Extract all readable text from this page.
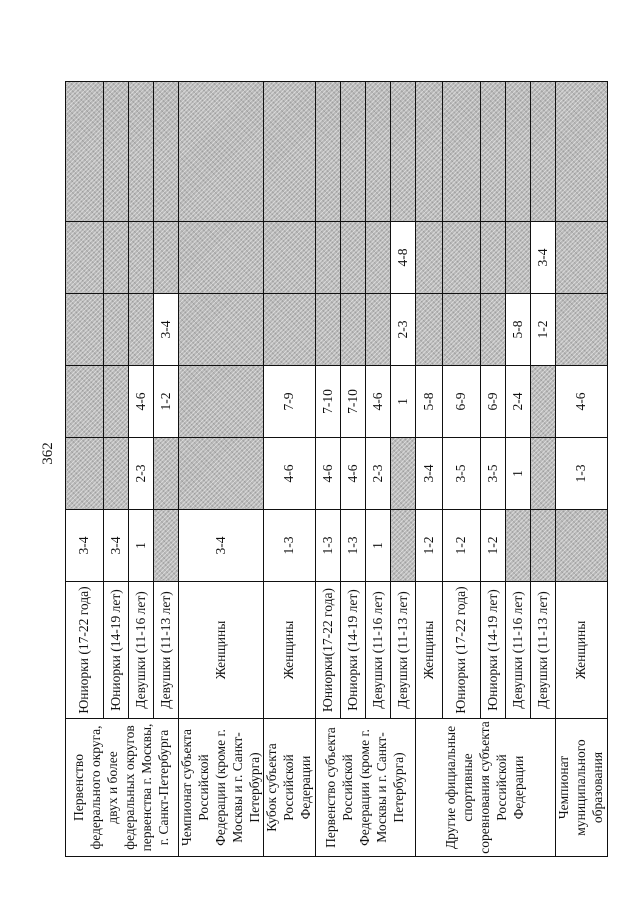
362
Первенство федерального округа, двух и более федеральных округов первенства г. Москвы, г. Санкт-Петербурга	Юниорки (17-22 года)	3-4					
	Юниорки (14-19 лет)	3-4					
	Девушки (11-16 лет)	1	2-3	4-6			
	Девушки (11-13 лет)			1-2	3-4		
Чемпионат субъекта Российской Федерации (кроме г. Москвы и г. Санкт-Петербурга)	Женщины	3-4					
Кубок субъекта Российской Федерации	Женщины	1-3	4-6	7-9			
Первенство субъекта Российской Федерации (кроме г. Москвы и г. Санкт-Петербурга)	Юниорки(17-22 года)	1-3	4-6	7-10			
	Юниорки (14-19 лет)	1-3	4-6	7-10			
	Девушки (11-16 лет)	1	2-3	4-6			
	Девушки (11-13 лет)			1	2-3	4-8	
Другие официальные спортивные соревнования субъекта Российской Федерации	Женщины	1-2	3-4	5-8			
	Юниорки (17-22 года)	1-2	3-5	6-9			
	Юниорки (14-19 лет)	1-2	3-5	6-9			
	Девушки (11-16 лет)		1	2-4	5-8		
	Девушки (11-13 лет)				1-2	3-4	
Чемпионат муниципального образования	Женщины		1-3	4-6			
